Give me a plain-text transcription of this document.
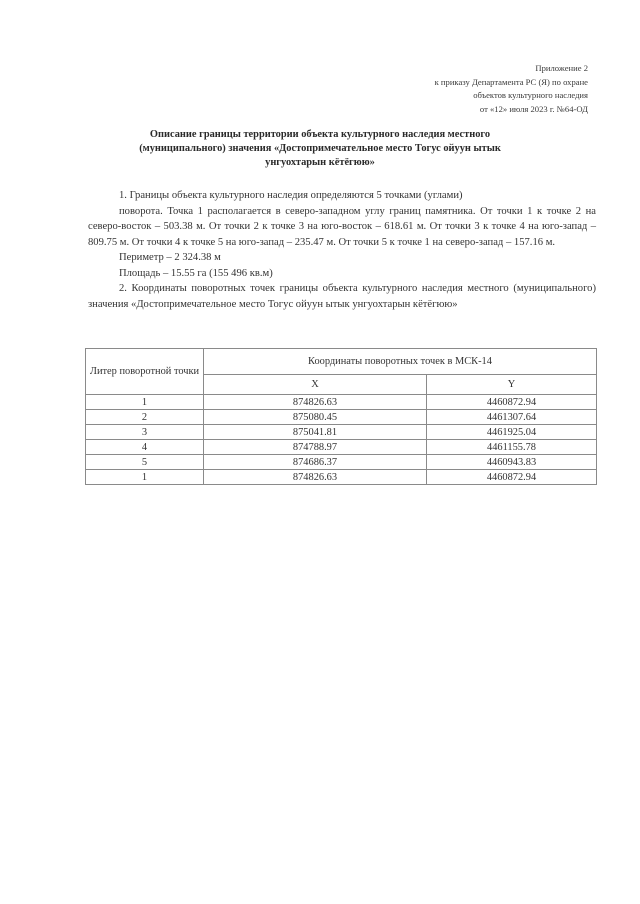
Приложение 2
к приказу Департамента РС (Я) по охране
объектов культурного наследия
от «12» июля 2023 г. №64-ОД
Описание границы территории объекта культурного наследия местного
(муниципального) значения «Достопримечательное место Тогус ойуун ытык
унгуохтарын кётёгюю»

1. Границы объекта культурного наследия определяются 5 точками (углами)

поворота. Точка 1 располагается в северо-западном углу границ памятника. От точки 1 к точке 2 на северо-восток – 503.38 м. От точки 2 к точке 3 на юго-восток – 618.61 м. От точки 3 к точке 4 на юго-запад – 809.75 м. От точки 4 к точке 5 на юго-запад – 235.47 м. От точки 5 к точке 1 на северо-запад – 157.16 м.

Периметр – 2 324.38 м

Площадь – 15.55 га (155 496 кв.м)

2. Координаты поворотных точек границы объекта культурного наследия местного (муниципального) значения «Достопримечательное место Тогус ойуун ытык унгуохтарын кётёгюю»

Литер поворотной точки	Координаты поворотных точек в МСК-14	
	X	Y
1	874826.63	4460872.94
2	875080.45	4461307.64
3	875041.81	4461925.04
4	874788.97	4461155.78
5	874686.37	4460943.83
1	874826.63	4460872.94
